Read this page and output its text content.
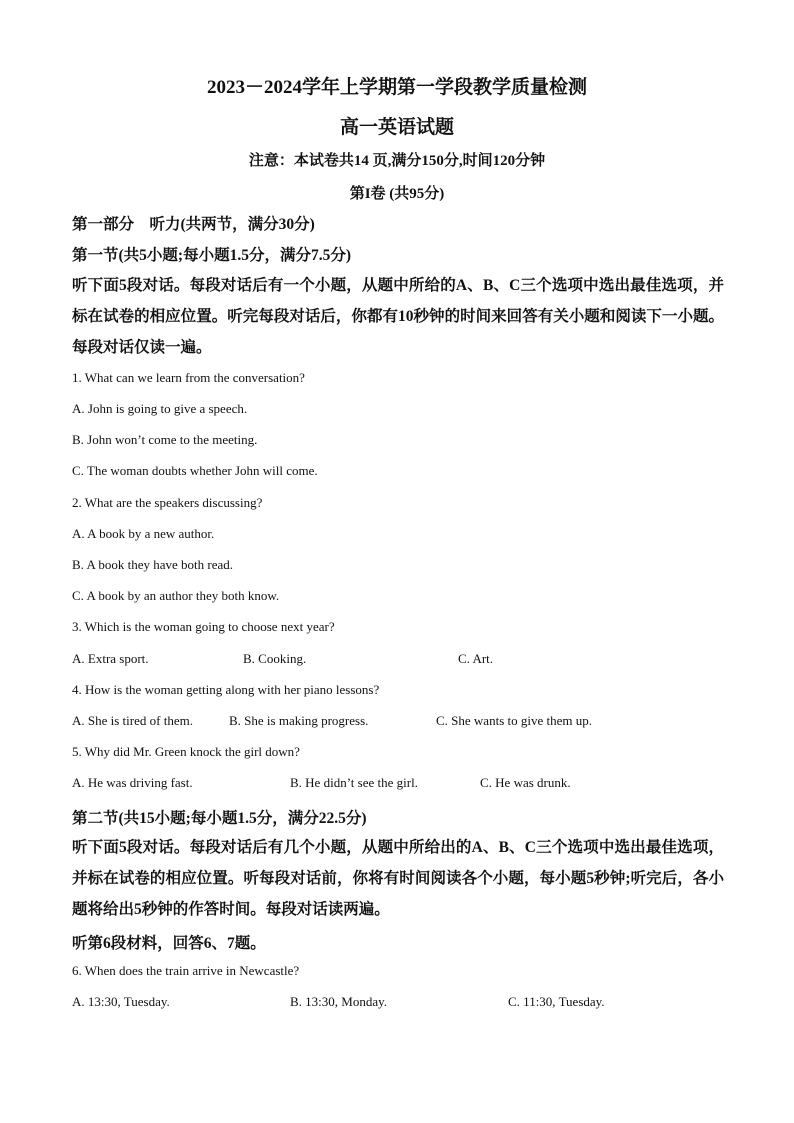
2023－2024学年上学期第一学段教学质量检测
高一英语试题
注意：本试卷共14 页,满分150分,时间120分钟
第I卷 (共95分)
第一部分　听力(共两节，满分30分)
第一节(共5小题;每小题1.5分，满分7.5分)
听下面5段对话。每段对话后有一个小题，从题中所给的A、B、C三个选项中选出最佳选项，并标在试卷的相应位置。听完每段对话后，你都有10秒钟的时间来回答有关小题和阅读下一小题。每段对话仅读一遍。
1. What can we learn from the conversation?
A. John is going to give a speech.
B. John won’t come to the meeting.
C. The woman doubts whether John will come.
2. What are the speakers discussing?
A. A book by a new author.
B. A book they have both read.
C. A book by an author they both know.
3. Which is the woman going to choose next year?
A. Extra sport.	B. Cooking.	C. Art.
4. How is the woman getting along with her piano lessons?
A. She is tired of them.	B. She is making progress.	C. She wants to give them up.
5. Why did Mr. Green knock the girl down?
A. He was driving fast.	B. He didn’t see the girl.	C. He was drunk.
第二节(共15小题;每小题1.5分，满分22.5分)
听下面5段对话。每段对话后有几个小题，从题中所给出的A、B、C三个选项中选出最佳选项，并标在试卷的相应位置。听每段对话前，你将有时间阅读各个小题，每小题5秒钟;听完后，各小题将给出5秒钟的作答时间。每段对话读两遍。
听第6段材料，回答6、7题。
6. When does the train arrive in Newcastle?
A. 13:30, Tuesday.	B. 13:30, Monday.	C. 11:30, Tuesday.
